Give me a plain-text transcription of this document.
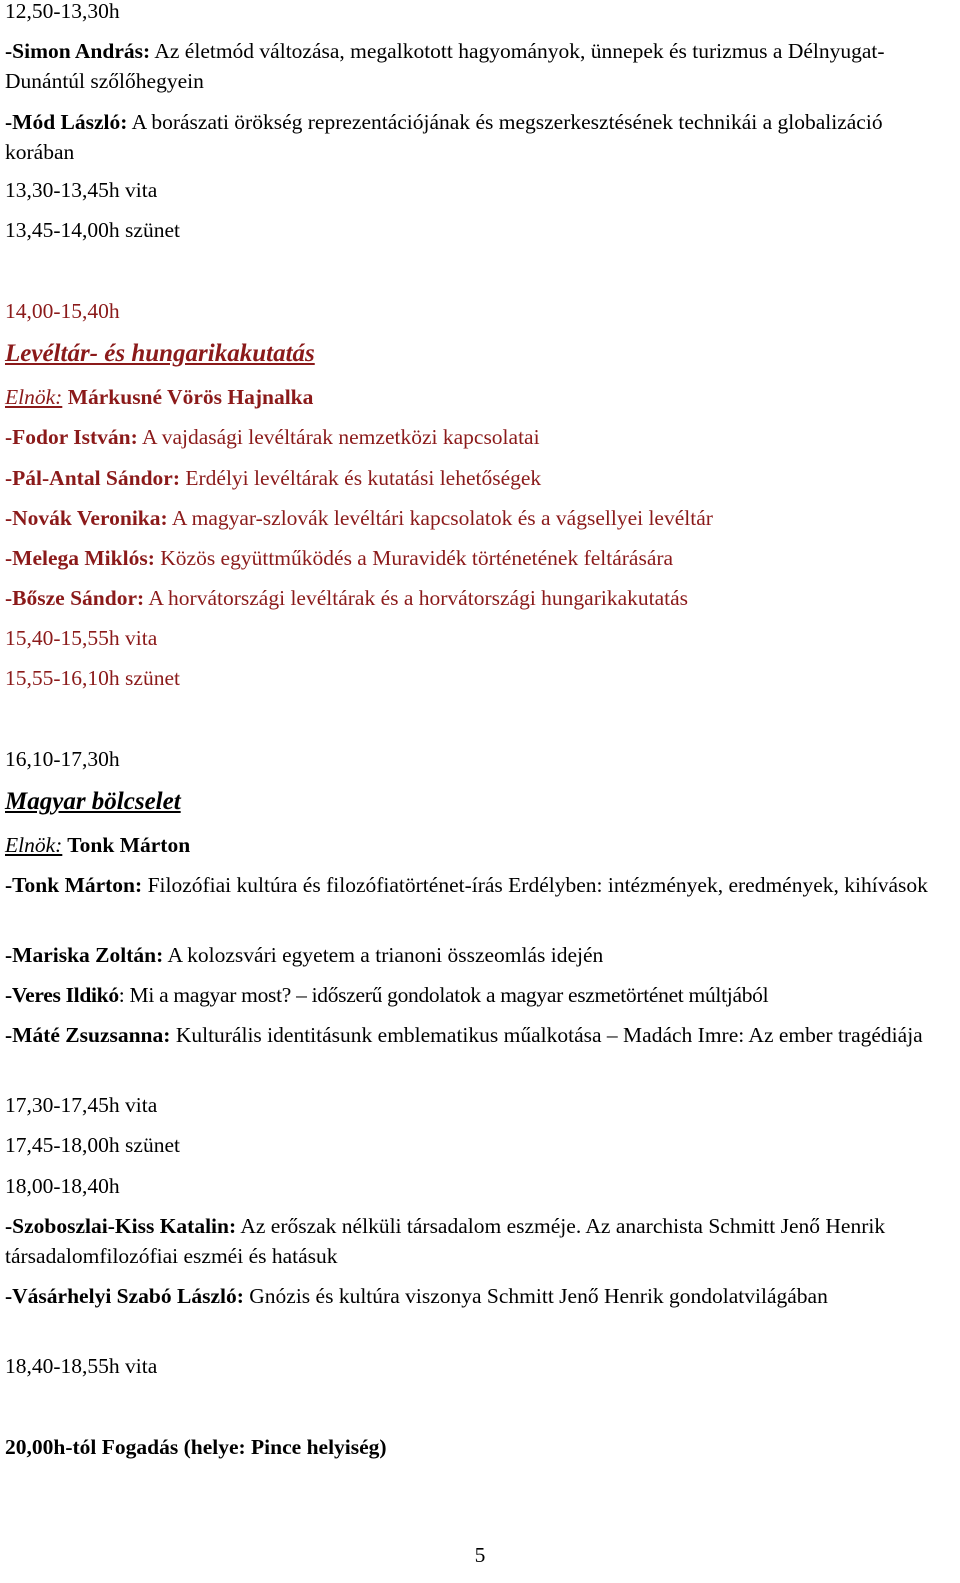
12,50-13,30h
-Simon András: Az életmód változása, megalkotott hagyományok, ünnepek és turizmus a Délnyugat-Dunántúl szőlőhegyein
-Mód László: A borászati örökség reprezentációjának és megszerkesztésének technikái a globalizáció korában
13,30-13,45h vita
13,45-14,00h szünet
14,00-15,40h
Levéltár- és hungarikakutatás
Elnök: Márkusné Vörös Hajnalka
-Fodor István: A vajdasági levéltárak nemzetközi kapcsolatai
-Pál-Antal Sándor: Erdélyi levéltárak és kutatási lehetőségek
-Novák Veronika: A magyar-szlovák levéltári kapcsolatok és a vágsellyei levéltár
-Melega Miklós: Közös együttműködés a Muravidék történetének feltárására
-Bősze Sándor: A horvátországi levéltárak és a horvátországi hungarikakutatás
15,40-15,55h vita
15,55-16,10h szünet
16,10-17,30h
Magyar bölcselet
Elnök: Tonk Márton
-Tonk Márton: Filozófiai kultúra és filozófiatörténet-írás Erdélyben: intézmények, eredmények, kihívások
-Mariska Zoltán: A kolozsvári egyetem a trianoni összeomlás idején
-Veres Ildikó: Mi a magyar most? – időszerű gondolatok a magyar eszmetörténet múltjából
-Máté Zsuzsanna: Kulturális identitásunk emblematikus műalkotása – Madách Imre: Az ember tragédiája
17,30-17,45h vita
17,45-18,00h szünet
18,00-18,40h
-Szoboszlai-Kiss Katalin: Az erőszak nélküli társadalom eszméje. Az anarchista Schmitt Jenő Henrik társadalomfilozófiai eszméi és hatásuk
-Vásárhelyi Szabó László: Gnózis és kultúra viszonya Schmitt Jenő Henrik gondolatvilágában
18,40-18,55h vita
20,00h-tól Fogadás (helye: Pince helyiség)
5
